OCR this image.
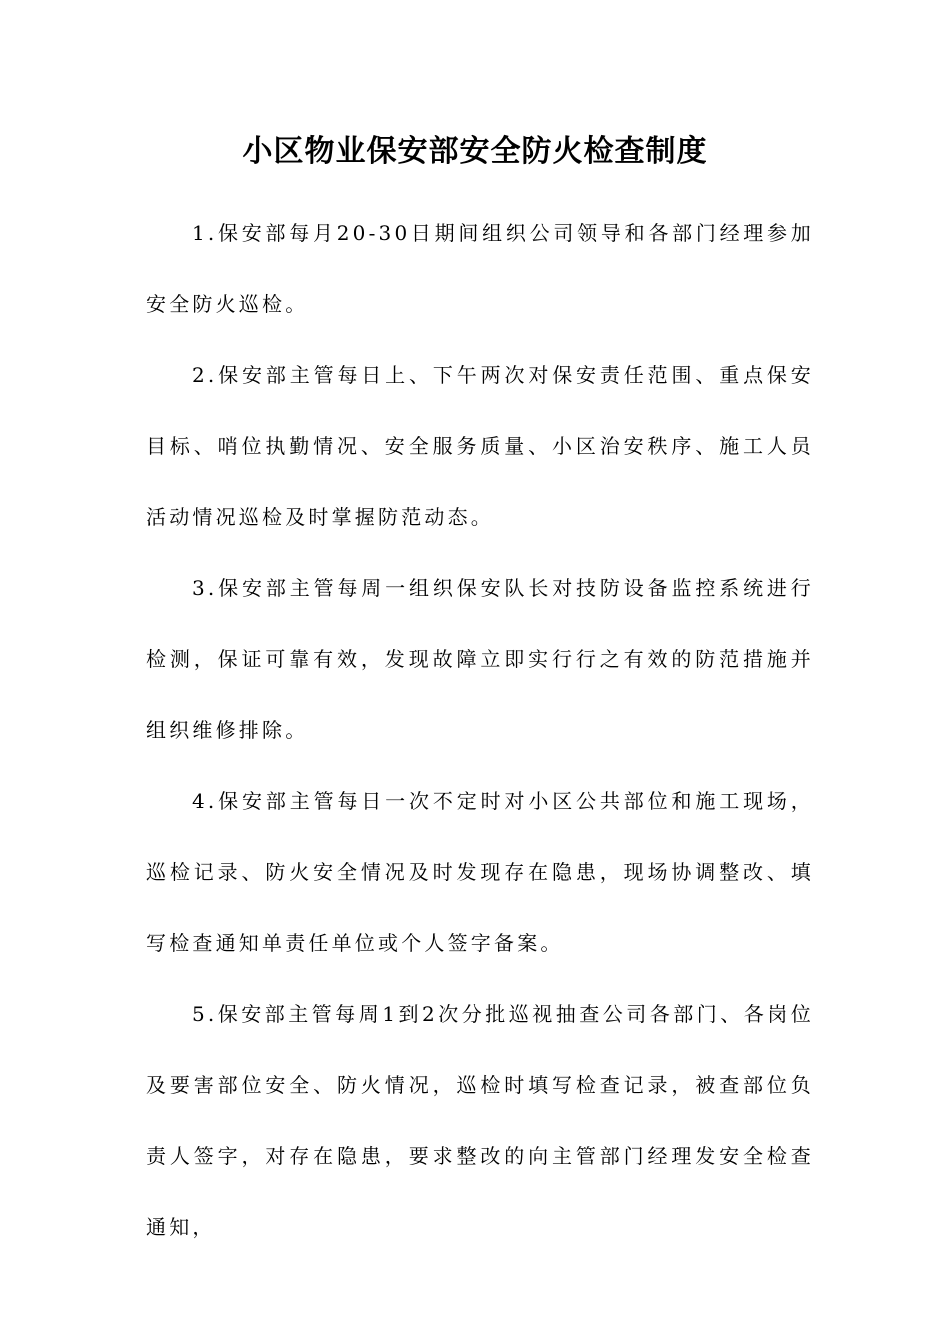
小区物业保安部安全防火检查制度

1.保安部每月20-30日期间组织公司领导和各部门经理参加安全防火巡检。

2.保安部主管每日上、下午两次对保安责任范围、重点保安目标、哨位执勤情况、安全服务质量、小区治安秩序、施工人员活动情况巡检及时掌握防范动态。

3.保安部主管每周一组织保安队长对技防设备监控系统进行检测，保证可靠有效，发现故障立即实行行之有效的防范措施并组织维修排除。

4.保安部主管每日一次不定时对小区公共部位和施工现场，巡检记录、防火安全情况及时发现存在隐患，现场协调整改、填写检查通知单责任单位或个人签字备案。

5.保安部主管每周1到2次分批巡视抽查公司各部门、各岗位及要害部位安全、防火情况，巡检时填写检查记录，被查部位负责人签字，对存在隐患，要求整改的向主管部门经理发安全检查通知，
